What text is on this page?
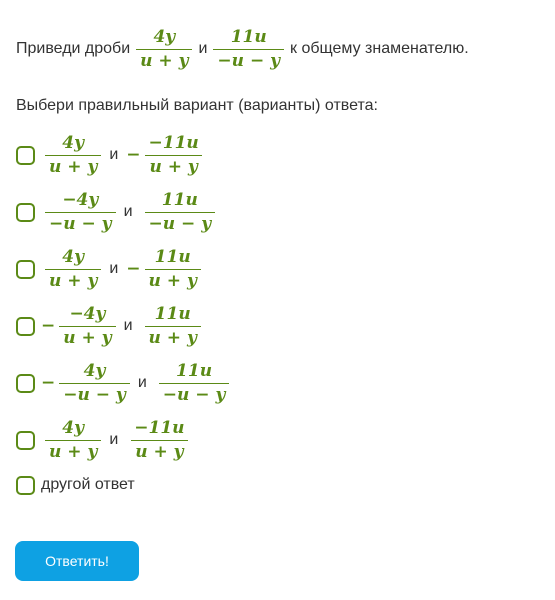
Приведи дроби $\frac{4y}{u + y}$ и $\frac{11u}{-u - y}$ к общему знаменателю.
Выбери правильный вариант (варианты) ответа:
$\frac{4y}{u + y}$ $и - \frac{-11u}{u + y}$
$\frac{-4y}{-u - y}$ и $\frac{11u}{-u - y}$
$\frac{4y}{u + y}$ $и - \frac{11u}{u + y}$
− $\frac{-4y}{u + y}$ и $\frac{11u}{u + y}$
− $\frac{4y}{-u - y}$ и $\frac{11u}{-u - y}$
$\frac{4y}{u + y}$ и $\frac{-11u}{u + y}$
другой ответ
Ответить!
